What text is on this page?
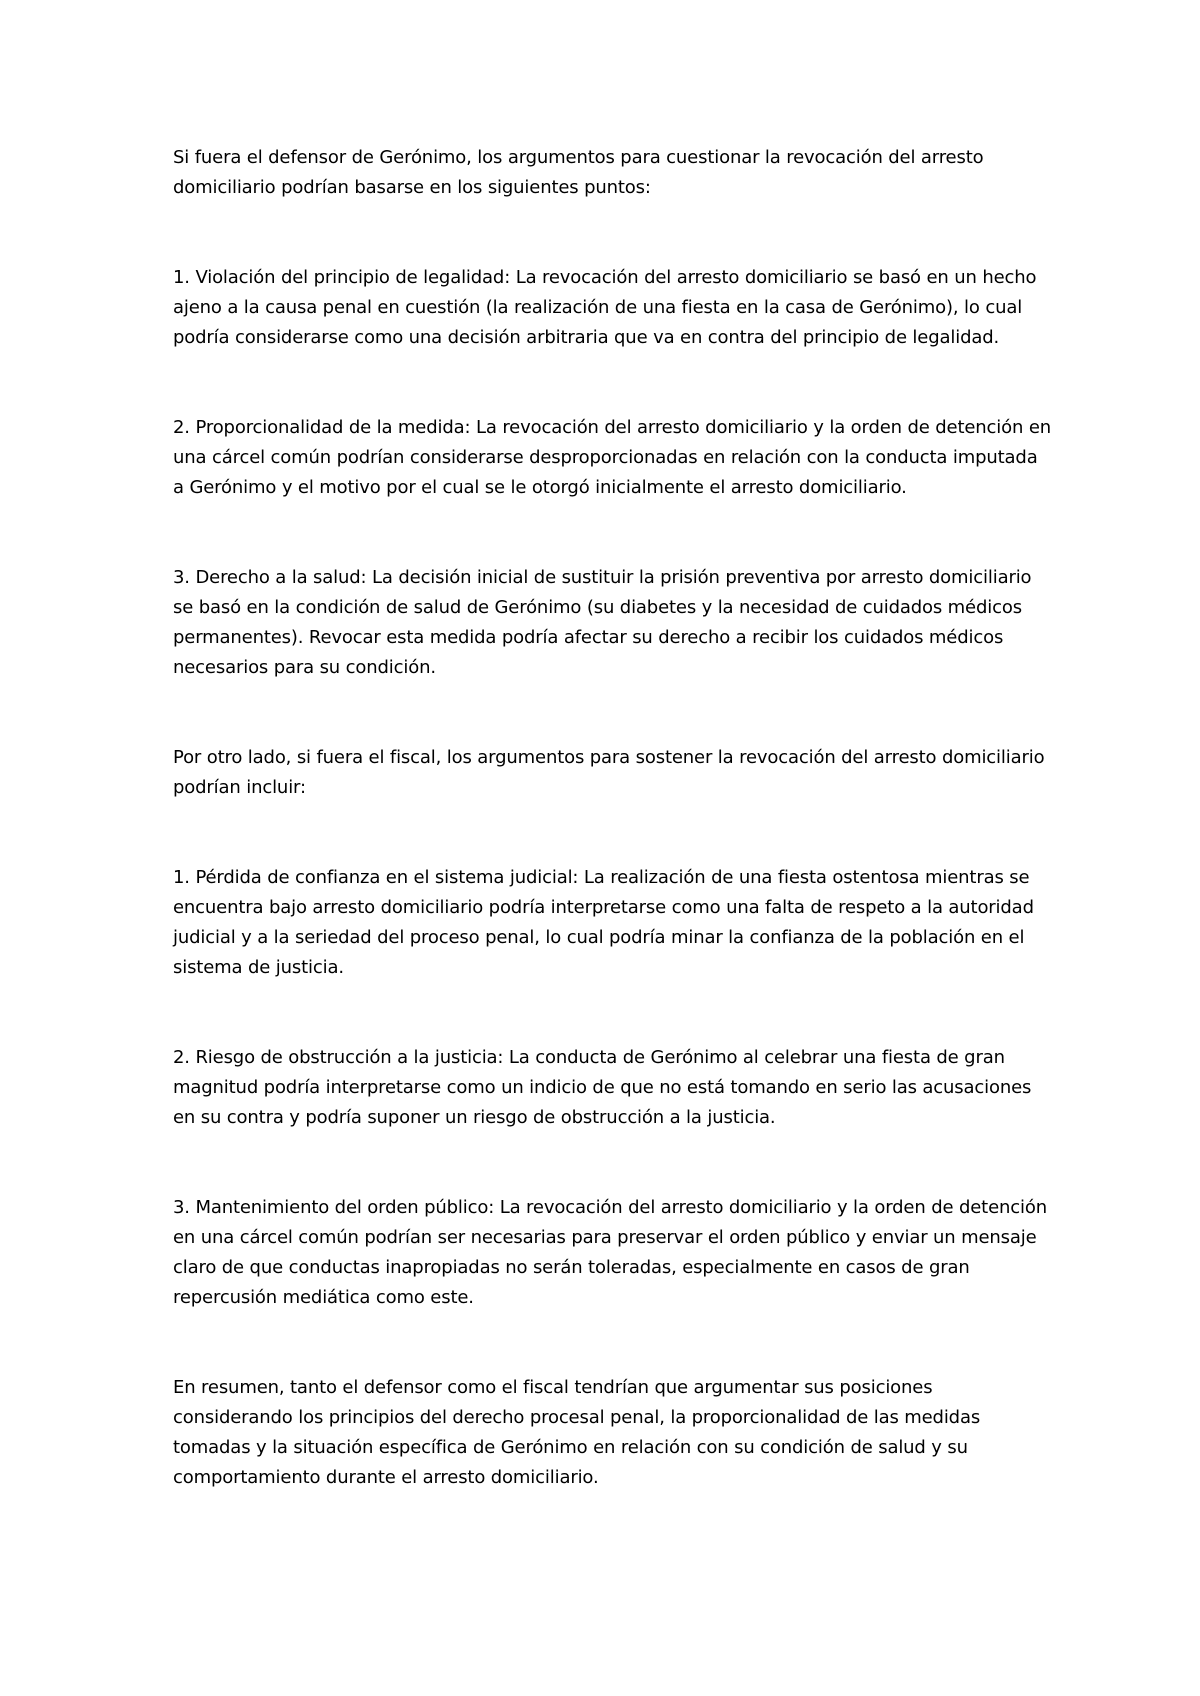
Si fuera el defensor de Gerónimo, los argumentos para cuestionar la revocación del arresto domiciliario podrían basarse en los siguientes puntos:

1. Violación del principio de legalidad: La revocación del arresto domiciliario se basó en un hecho ajeno a la causa penal en cuestión (la realización de una fiesta en la casa de Gerónimo), lo cual podría considerarse como una decisión arbitraria que va en contra del principio de legalidad.

2. Proporcionalidad de la medida: La revocación del arresto domiciliario y la orden de detención en una cárcel común podrían considerarse desproporcionadas en relación con la conducta imputada a Gerónimo y el motivo por el cual se le otorgó inicialmente el arresto domiciliario.

3. Derecho a la salud: La decisión inicial de sustituir la prisión preventiva por arresto domiciliario se basó en la condición de salud de Gerónimo (su diabetes y la necesidad de cuidados médicos permanentes). Revocar esta medida podría afectar su derecho a recibir los cuidados médicos necesarios para su condición.

Por otro lado, si fuera el fiscal, los argumentos para sostener la revocación del arresto domiciliario podrían incluir:

1. Pérdida de confianza en el sistema judicial: La realización de una fiesta ostentosa mientras se encuentra bajo arresto domiciliario podría interpretarse como una falta de respeto a la autoridad judicial y a la seriedad del proceso penal, lo cual podría minar la confianza de la población en el sistema de justicia.

2. Riesgo de obstrucción a la justicia: La conducta de Gerónimo al celebrar una fiesta de gran magnitud podría interpretarse como un indicio de que no está tomando en serio las acusaciones en su contra y podría suponer un riesgo de obstrucción a la justicia.

3. Mantenimiento del orden público: La revocación del arresto domiciliario y la orden de detención en una cárcel común podrían ser necesarias para preservar el orden público y enviar un mensaje claro de que conductas inapropiadas no serán toleradas, especialmente en casos de gran repercusión mediática como este.

En resumen, tanto el defensor como el fiscal tendrían que argumentar sus posiciones considerando los principios del derecho procesal penal, la proporcionalidad de las medidas tomadas y la situación específica de Gerónimo en relación con su condición de salud y su comportamiento durante el arresto domiciliario.
